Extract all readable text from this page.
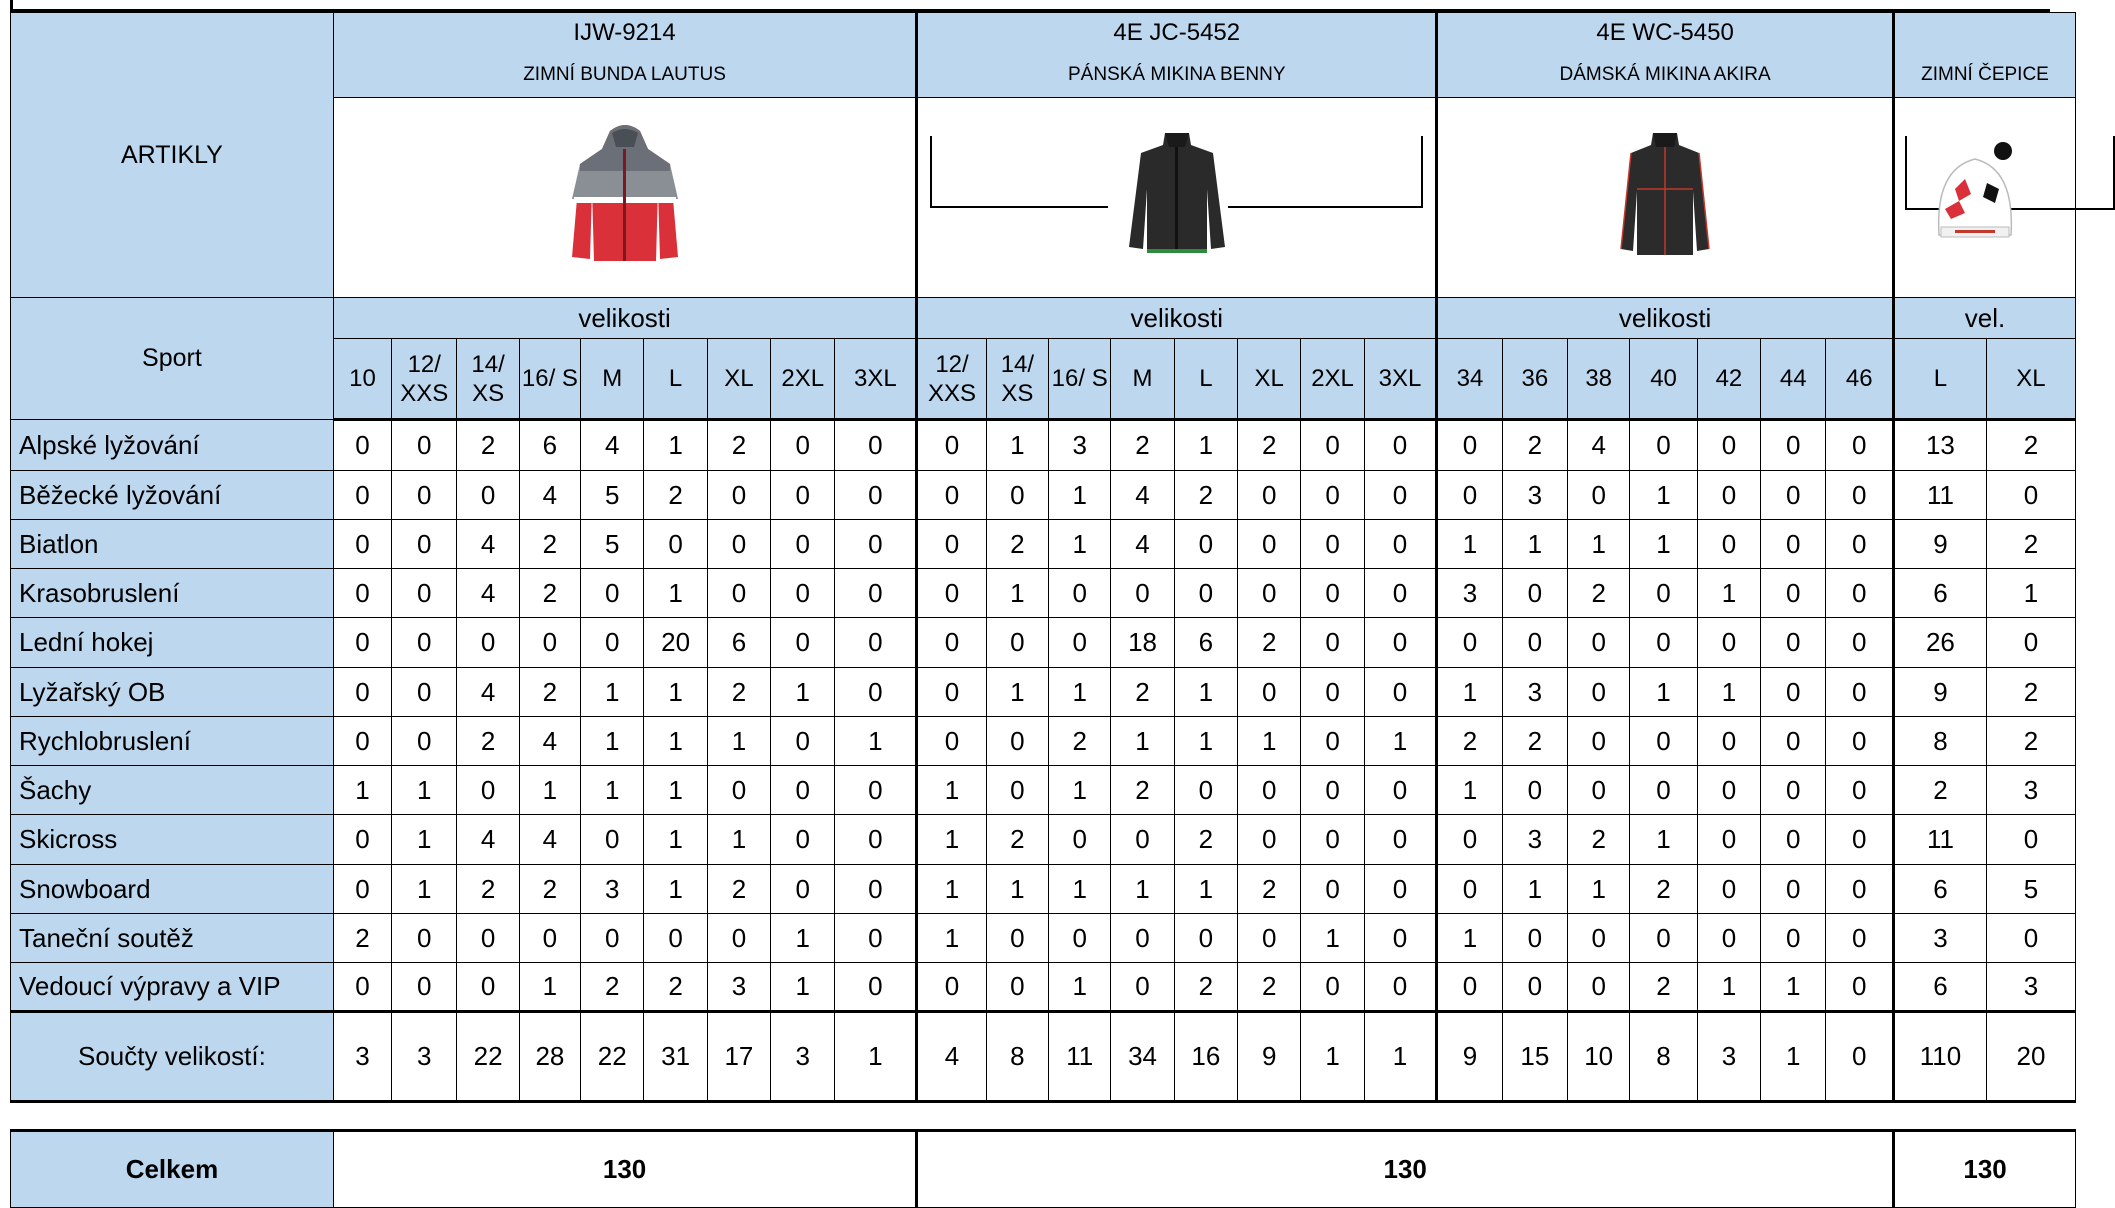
ARTIKLY	IJW-9214									4E JC-5452								4E WC-5450								
	ZIMNÍ BUNDA LAUTUS									PÁNSKÁ MIKINA BENNY								DÁMSKÁ MIKINA AKIRA							ZIMNÍ ČEPICE	

Sport	velikosti									velikosti								velikosti							vel.	
	10	12/ XXS	14/ XS	16/ S	M	L	XL	2XL	3XL	12/ XXS	14/ XS	16/ S	M	L	XL	2XL	3XL	34	36	38	40	42	44	46	L	XL
Alpské lyžování	0	0	2	6	4	1	2	0	0	0	1	3	2	1	2	0	0	0	2	4	0	0	0	0	13	2
Běžecké lyžování	0	0	0	4	5	2	0	0	0	0	0	1	4	2	0	0	0	0	3	0	1	0	0	0	11	0
Biatlon	0	0	4	2	5	0	0	0	0	0	2	1	4	0	0	0	0	1	1	1	1	0	0	0	9	2
Krasobruslení	0	0	4	2	0	1	0	0	0	0	1	0	0	0	0	0	0	3	0	2	0	1	0	0	6	1
Lední hokej	0	0	0	0	0	20	6	0	0	0	0	0	18	6	2	0	0	0	0	0	0	0	0	0	26	0
Lyžařský OB	0	0	4	2	1	1	2	1	0	0	1	1	2	1	0	0	0	1	3	0	1	1	0	0	9	2
Rychlobruslení	0	0	2	4	1	1	1	0	1	0	0	2	1	1	1	0	1	2	2	0	0	0	0	0	8	2
Šachy	1	1	0	1	1	1	0	0	0	1	0	1	2	0	0	0	0	1	0	0	0	0	0	0	2	3
Skicross	0	1	4	4	0	1	1	0	0	1	2	0	0	2	0	0	0	0	3	2	1	0	0	0	11	0
Snowboard	0	1	2	2	3	1	2	0	0	1	1	1	1	1	2	0	0	0	1	1	2	0	0	0	6	5
Taneční soutěž	2	0	0	0	0	0	0	1	0	1	0	0	0	0	0	1	0	1	0	0	0	0	0	0	3	0
Vedoucí výpravy a VIP	0	0	0	1	2	2	3	1	0	0	0	1	0	2	2	0	0	0	0	0	2	1	1	0	6	3
Součty velikostí:	3	3	22	28	22	31	17	3	1	4	8	11	34	16	9	1	1	9	15	10	8	3	1	0	110	20
Celkem	130	130	130
